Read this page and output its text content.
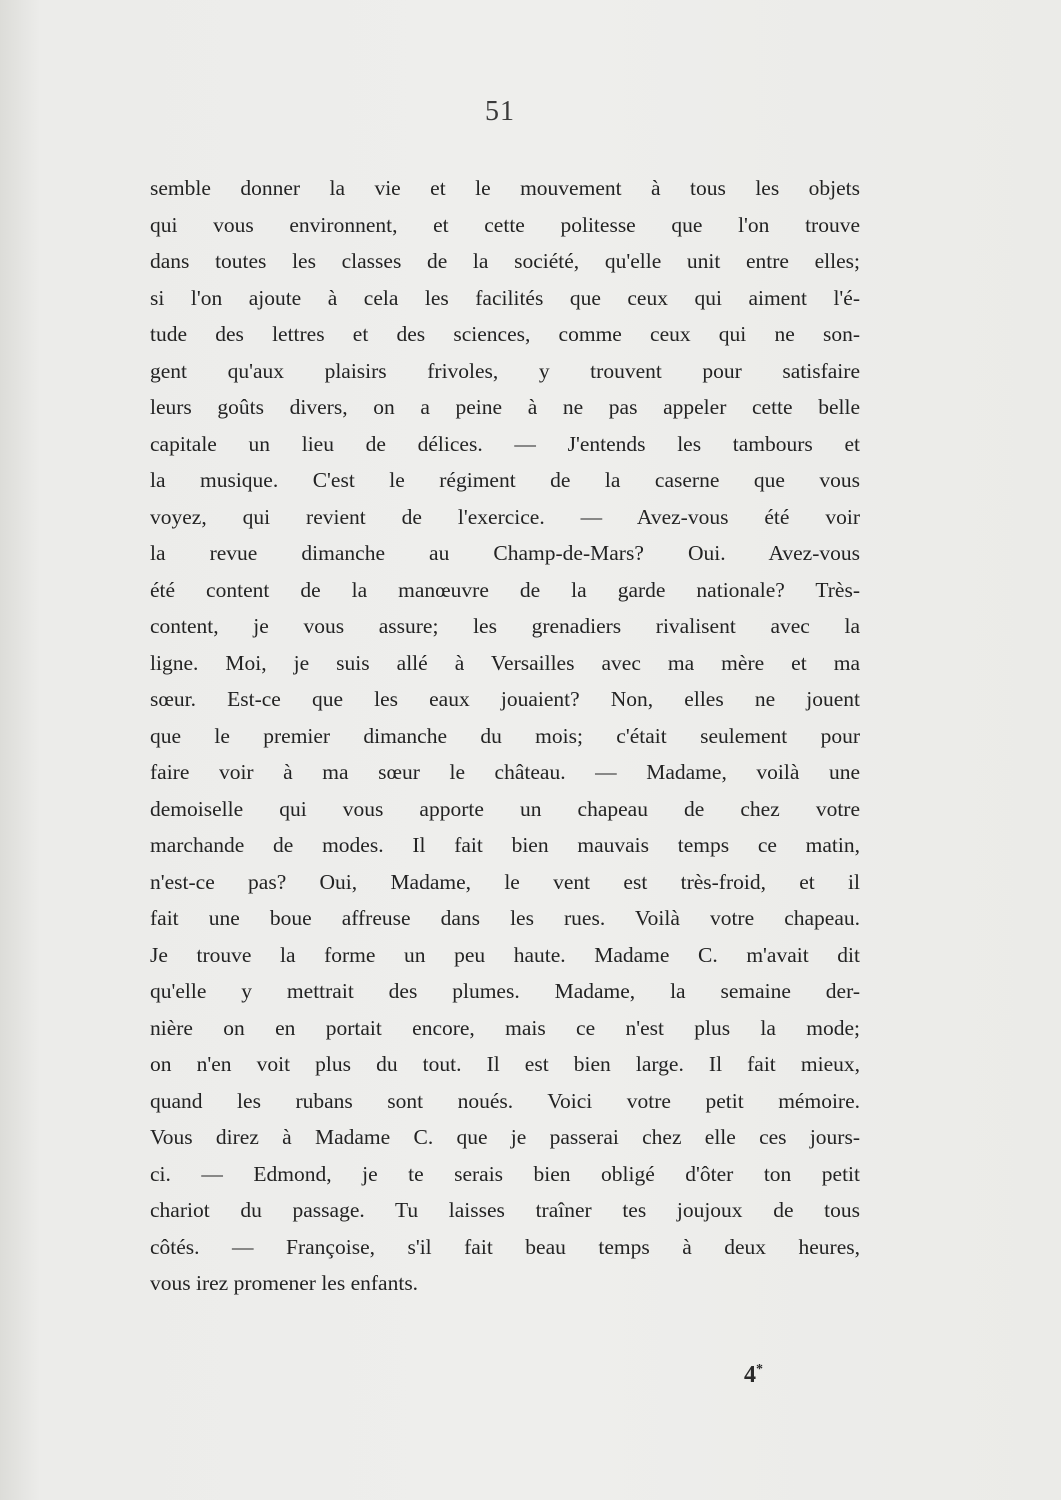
51
semble donner la vie et le mouvement à tous les objets
qui vous environnent, et cette politesse que l'on trouve
dans toutes les classes de la société, qu'elle unit entre elles;
si l'on ajoute à cela les facilités que ceux qui aiment l'é-
tude des lettres et des sciences, comme ceux qui ne son-
gent qu'aux plaisirs frivoles, y trouvent pour satisfaire
leurs goûts divers, on a peine à ne pas appeler cette belle
capitale un lieu de délices. — J'entends les tambours et
la musique. C'est le régiment de la caserne que vous
voyez, qui revient de l'exercice. — Avez-vous été voir
la revue dimanche au Champ-de-Mars? Oui. Avez-vous
été content de la manœuvre de la garde nationale? Très-
content, je vous assure; les grenadiers rivalisent avec la
ligne. Moi, je suis allé à Versailles avec ma mère et ma
sœur. Est-ce que les eaux jouaient? Non, elles ne jouent
que le premier dimanche du mois; c'était seulement pour
faire voir à ma sœur le château. — Madame, voilà une
demoiselle qui vous apporte un chapeau de chez votre
marchande de modes. Il fait bien mauvais temps ce matin,
n'est-ce pas? Oui, Madame, le vent est très-froid, et il
fait une boue affreuse dans les rues. Voilà votre chapeau.
Je trouve la forme un peu haute. Madame C. m'avait dit
qu'elle y mettrait des plumes. Madame, la semaine der-
nière on en portait encore, mais ce n'est plus la mode;
on n'en voit plus du tout. Il est bien large. Il fait mieux,
quand les rubans sont noués. Voici votre petit mémoire.
Vous direz à Madame C. que je passerai chez elle ces jours-
ci. — Edmond, je te serais bien obligé d'ôter ton petit
chariot du passage. Tu laisses traîner tes joujoux de tous
côtés. — Françoise, s'il fait beau temps à deux heures,
vous irez promener les enfants.
4*
